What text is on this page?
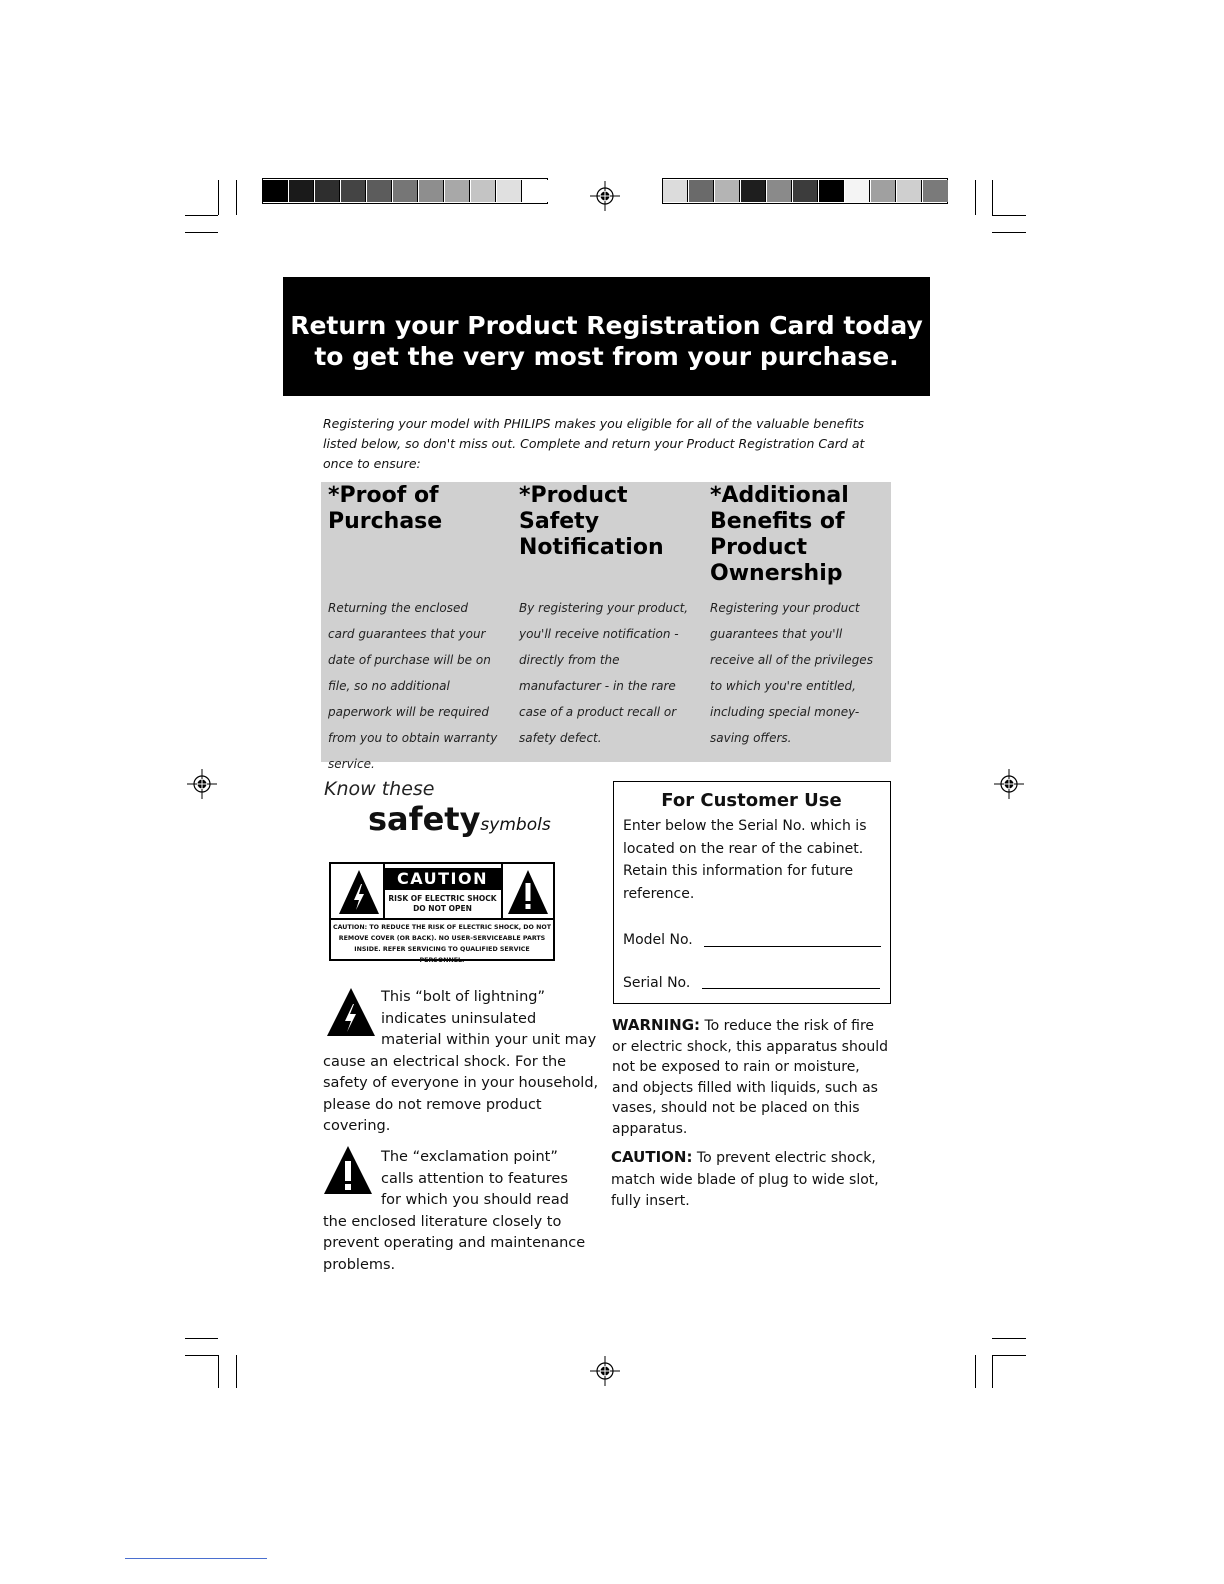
Return your Product Registration Card today
to get the very most from your purchase.
Registering your model with PHILIPS makes you eligible for all of the valuable benefits listed below, so don't miss out. Complete and return your Product Registration Card at once to ensure:
*Proof of Purchase

Returning the enclosed card guarantees that your date of purchase will be on file, so no additional paperwork will be required from you to obtain warranty service.

*Product Safety Notification

By registering your product, you'll receive notification - directly from the manufacturer - in the rare case of a product recall or safety defect.

*Additional Benefits of Product Ownership

Registering your product guarantees that you'll receive all of the privileges to which you're entitled, including special money-saving offers.

Know these
safetysymbols
CAUTION
RISK OF ELECTRIC SHOCK
DO NOT OPEN
CAUTION: TO REDUCE THE RISK OF ELECTRIC SHOCK, DO NOT
REMOVE COVER (OR BACK). NO USER-SERVICEABLE PARTS
INSIDE. REFER SERVICING TO QUALIFIED SERVICE PERSONNEL.
This “bolt of lightning” indicates uninsulated material within your unit may cause an electrical shock. For the safety of everyone in your household, please do not remove product covering.
The “exclamation point” calls attention to features for which you should read the enclosed literature closely to prevent operating and maintenance problems.
For Customer Use
Enter below the Serial No. which is located on the rear of the cabinet. Retain this information for future reference.
Model No.
Serial No.
WARNING: To reduce the risk of fire or electric shock, this apparatus should not be exposed to rain or moisture, and objects filled with liquids, such as vases, should not be placed on this apparatus.
CAUTION: To prevent electric shock, match wide blade of plug to wide slot, fully insert.
